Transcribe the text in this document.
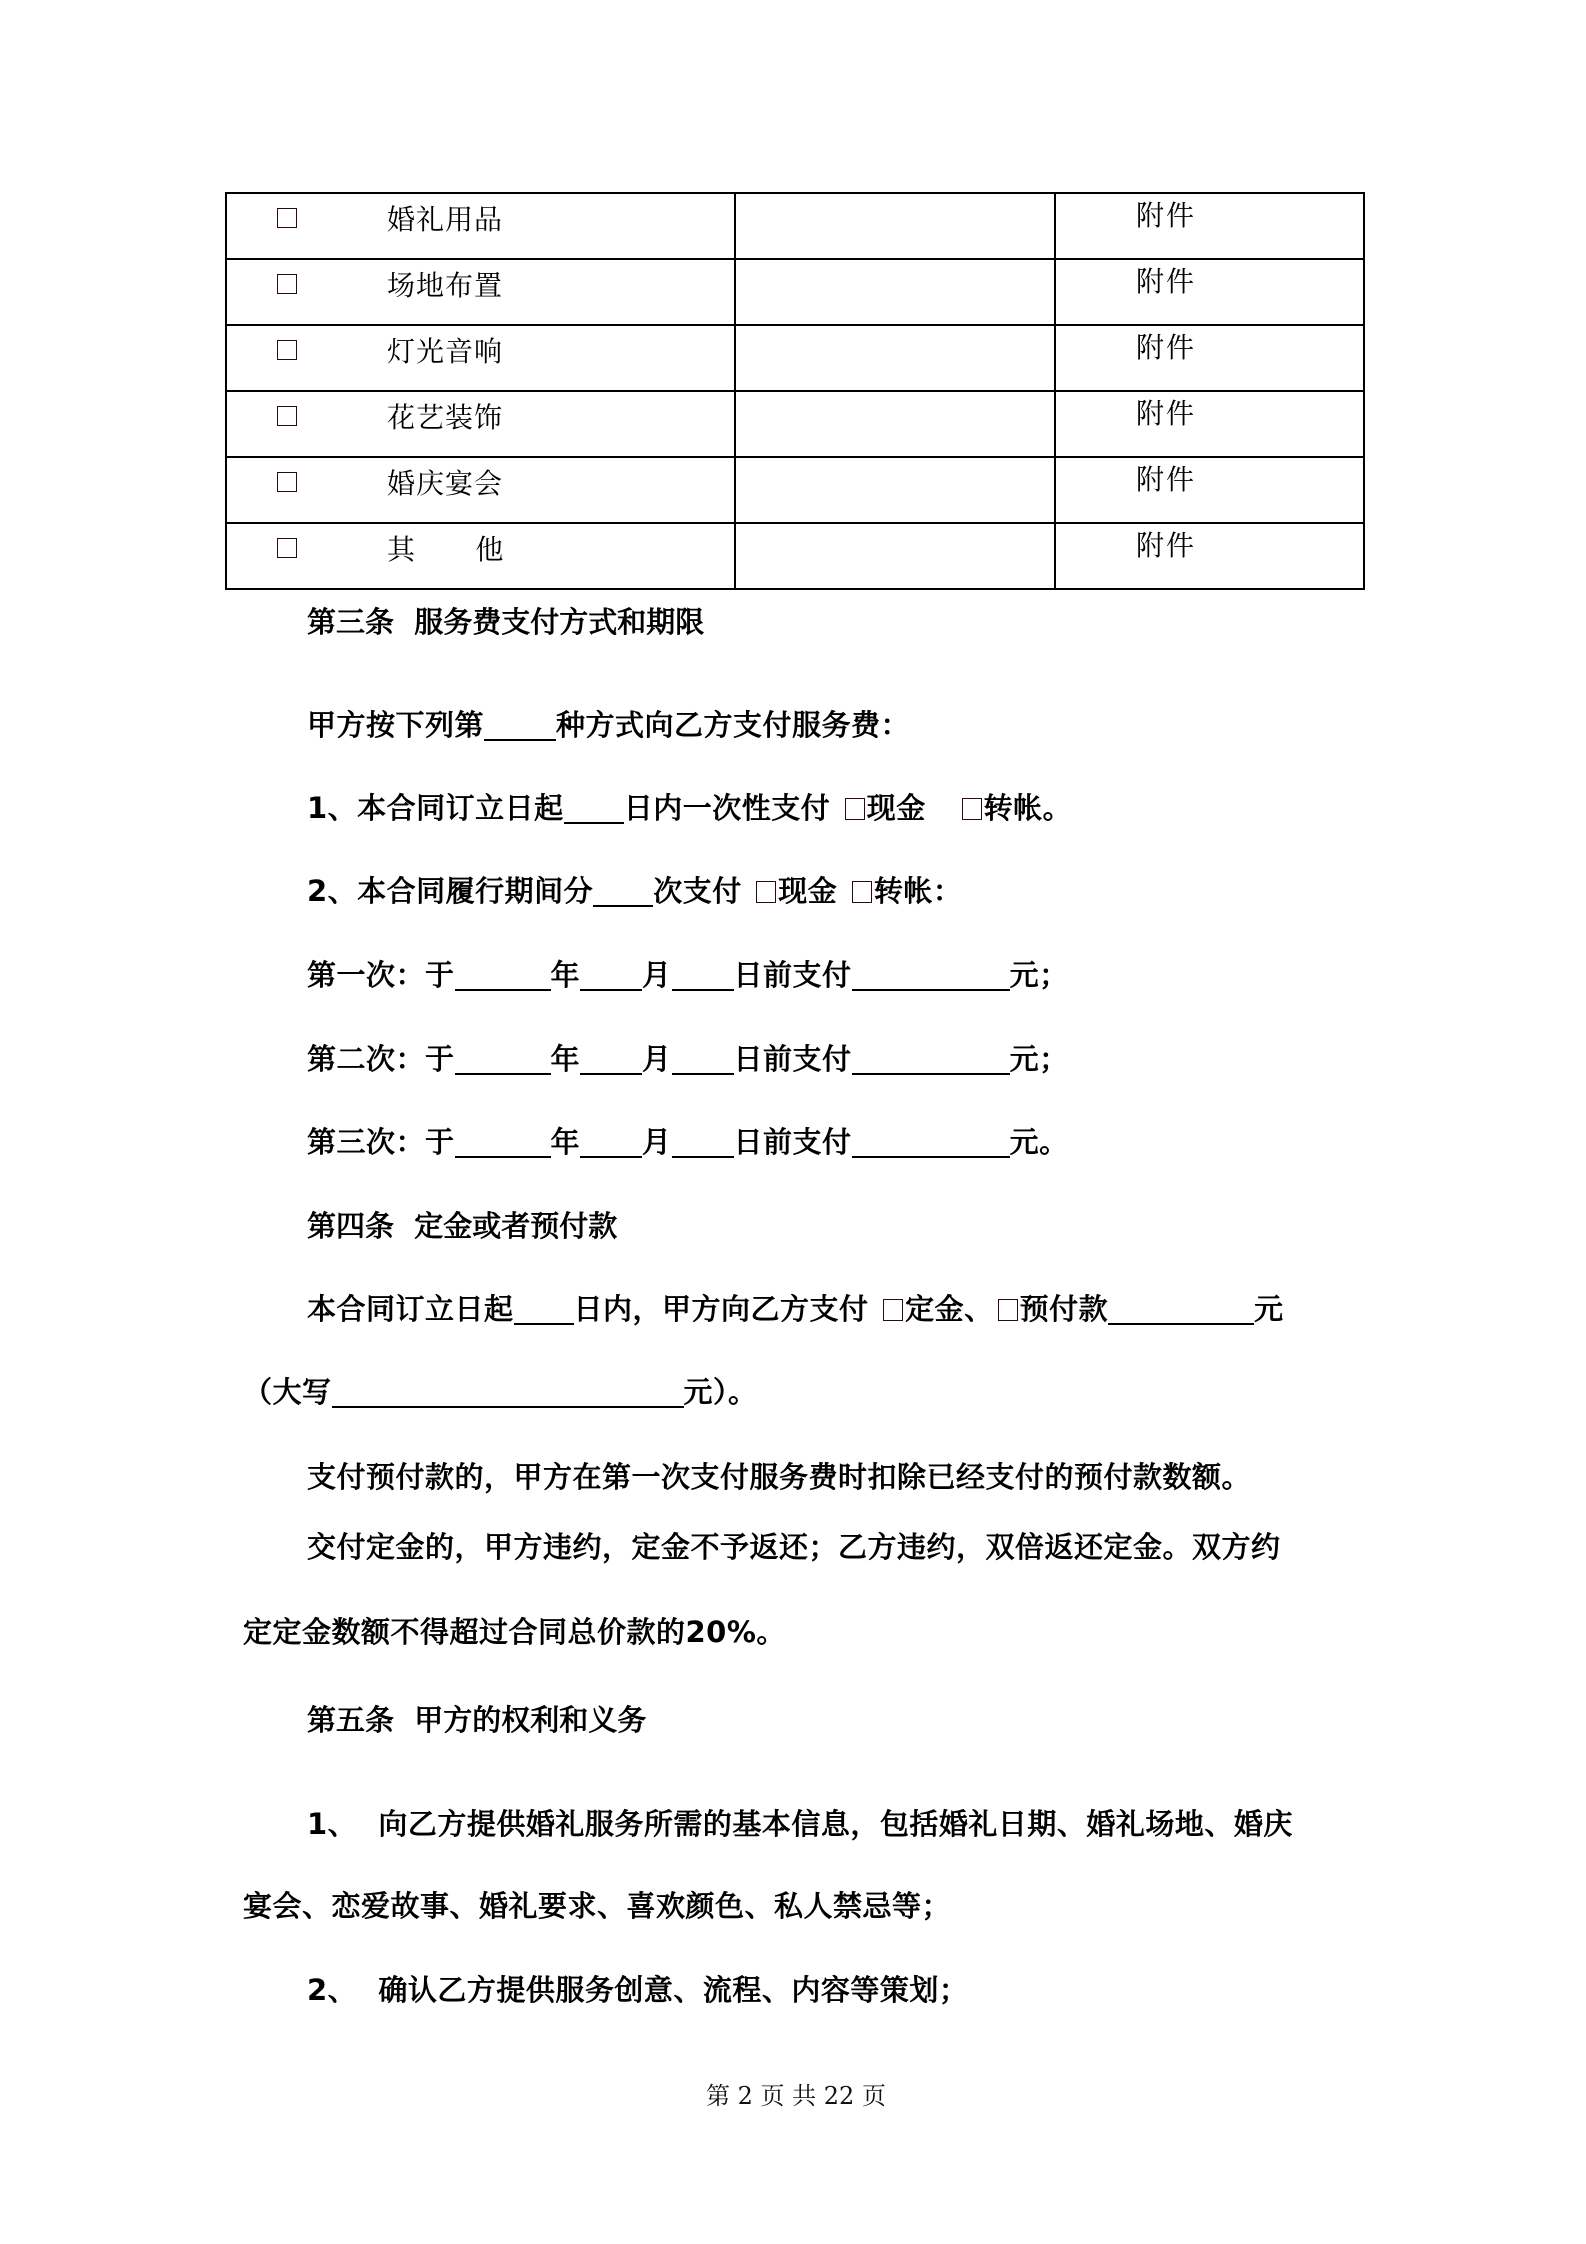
婚礼用品		附件

场地布置		附件

灯光音响		附件

花艺装饰		附件

婚庆宴会		附件

其      他		附件
第三条  服务费支付方式和期限
甲方按下列第 种方式向乙方支付服务费：
1、本合同订立日起 日内一次性支付 现金 转帐。
2、本合同履行期间分 次支付 现金 转帐：
第一次：于	年 月 日前支付	元；
第二次：于	年 月 日前支付	元；
第三次：于	年 月 日前支付	元。
第四条  定金或者预付款
本合同订立日起 日内，甲方向乙方支付 定金、 预付款	元
（大写	元）。
支付预付款的，甲方在第一次支付服务费时扣除已经支付的预付款数额。
交付定金的，甲方违约，定金不予返还；乙方违约，双倍返还定金。双方约
定定金数额不得超过合同总价款的20%。
第五条  甲方的权利和义务
1、  向乙方提供婚礼服务所需的基本信息，包括婚礼日期、婚礼场地、婚庆
宴会、恋爱故事、婚礼要求、喜欢颜色、私人禁忌等；
2、  确认乙方提供服务创意、流程、内容等策划；
第 2 页 共 22 页
